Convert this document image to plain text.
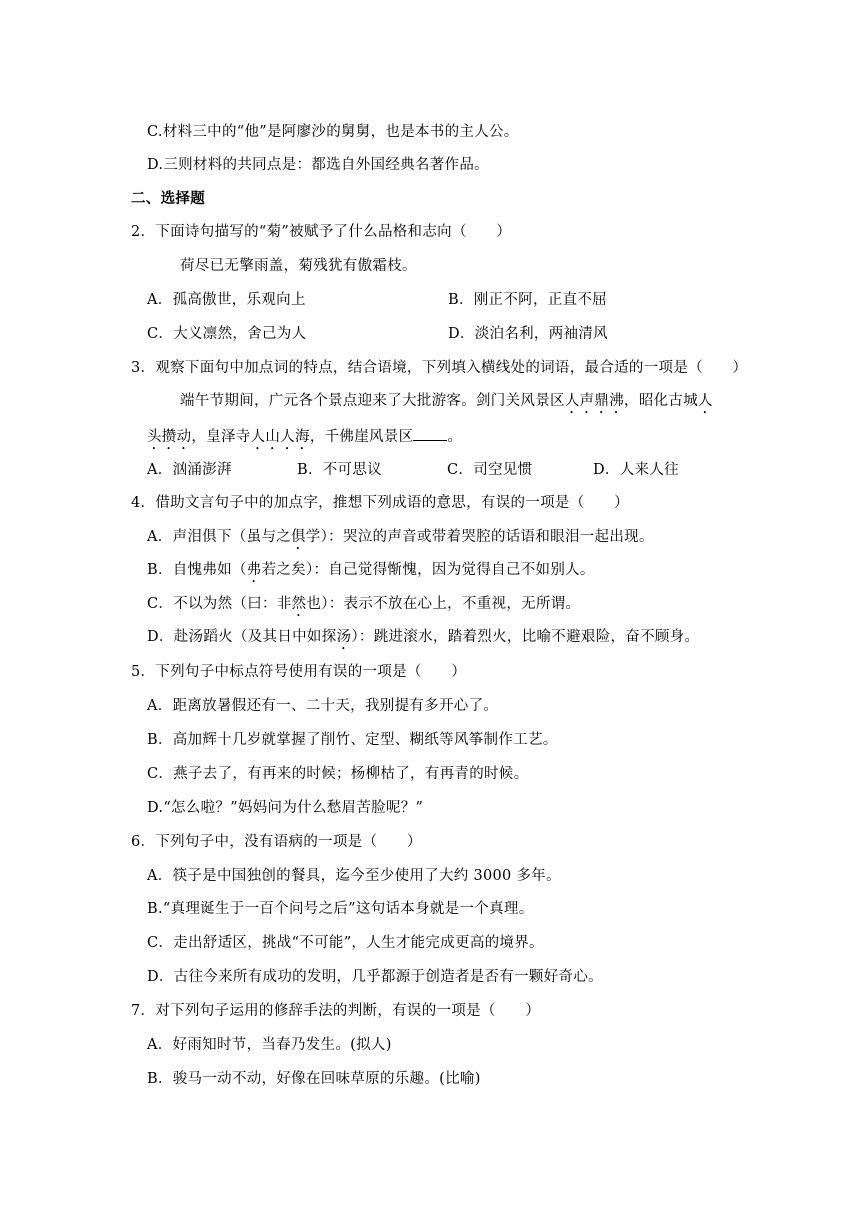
C.材料三中的“他”是阿廖沙的舅舅，也是本书的主人公。
D.三则材料的共同点是：都选自外国经典名著作品。
二、选择题
2．下面诗句描写的“菊”被赋予了什么品格和志向（　　）
荷尽已无擎雨盖，菊残犹有傲霜枝。
A．孤高傲世，乐观向上	B．刚正不阿，正直不屈
C．大义凛然，舍己为人	D．淡泊名利，两袖清风
3．观察下面句中加点词的特点，结合语境，下列填入横线处的词语，最合适的一项是（　　）
端午节期间，广元各个景点迎来了大批游客。剑门关风景区人声鼎沸，昭化古城人
头攒动，皇泽寺人山人海，千佛崖风景区 。
A．汹涌澎湃	B．不可思议	C．司空见惯	D．人来人往
4．借助文言句子中的加点字，推想下列成语的意思，有误的一项是（　　）
A．声泪俱下（虽与之俱学）：哭泣的声音或带着哭腔的话语和眼泪一起出现。
B．自愧弗如（弗若之矣）：自己觉得惭愧，因为觉得自己不如别人。
C．不以为然（曰：非然也）：表示不放在心上，不重视，无所谓。
D．赴汤蹈火（及其日中如探汤）：跳进滚水，踏着烈火，比喻不避艰险，奋不顾身。
5．下列句子中标点符号使用有误的一项是（　　）
A．距离放暑假还有一、二十天，我别提有多开心了。
B．高加辉十几岁就掌握了削竹、定型、糊纸等风筝制作工艺。
C．燕子去了，有再来的时候；杨柳枯了，有再青的时候。
D.“怎么啦？”妈妈问为什么愁眉苦脸呢？”
6．下列句子中，没有语病的一项是（　　）
A．筷子是中国独创的餐具，迄今至少使用了大约 3000 多年。
B.“真理诞生于一百个问号之后”这句话本身就是一个真理。
C．走出舒适区，挑战“不可能”，人生才能完成更高的境界。
D．古往今来所有成功的发明，几乎都源于创造者是否有一颗好奇心。
7．对下列句子运用的修辞手法的判断，有误的一项是（　　）
A．好雨知时节，当春乃发生。(拟人)
B．骏马一动不动，好像在回味草原的乐趣。(比喻)
